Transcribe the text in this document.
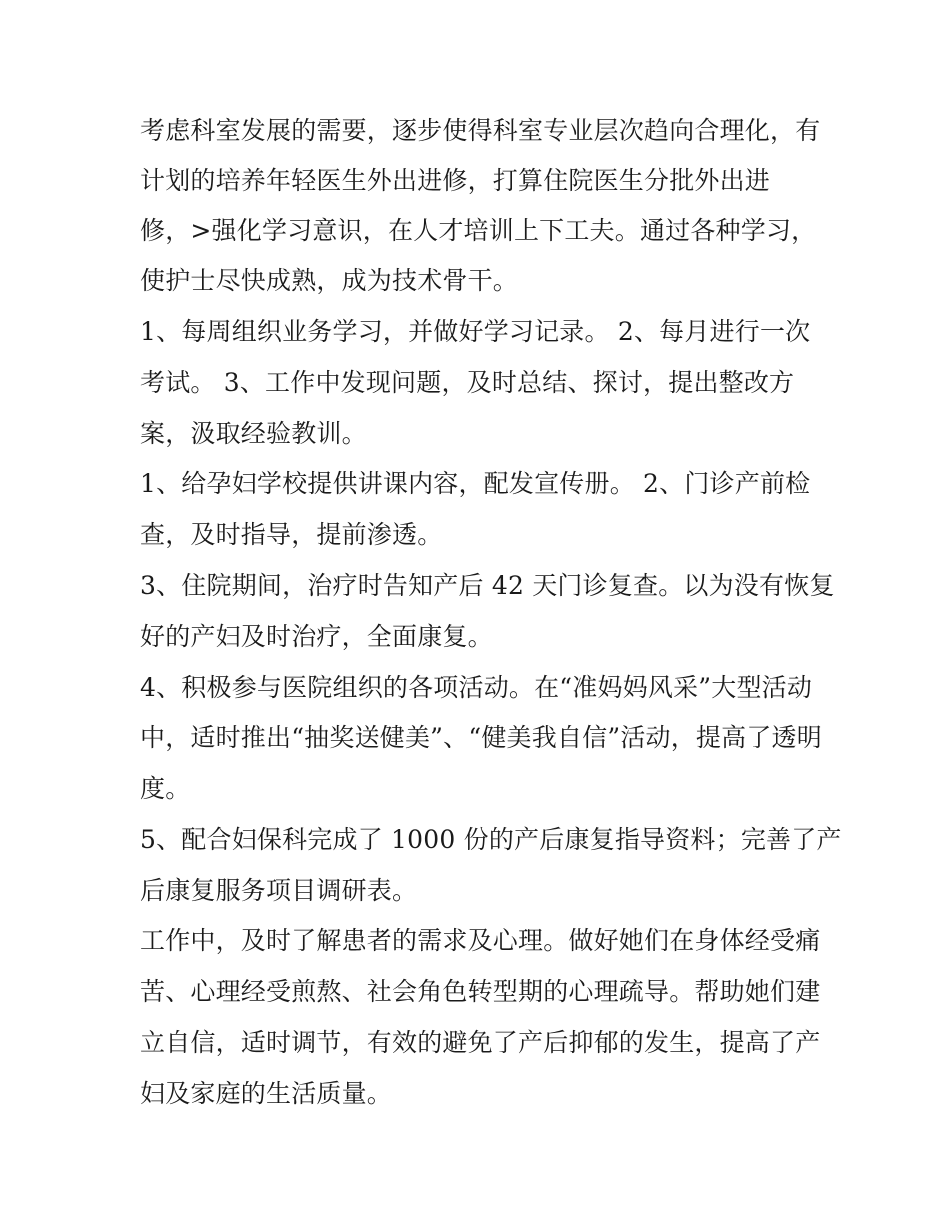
考虑科室发展的需要，逐步使得科室专业层次趋向合理化，有

计划的培养年轻医生外出进修，打算住院医生分批外出进

修，>强化学习意识，在人才培训上下工夫。通过各种学习，

使护士尽快成熟，成为技术骨干。

1、每周组织业务学习，并做好学习记录。 2、每月进行一次

考试。 3、工作中发现问题，及时总结、探讨，提出整改方

案，汲取经验教训。

1、给孕妇学校提供讲课内容，配发宣传册。 2、门诊产前检

查，及时指导，提前渗透。

3、住院期间，治疗时告知产后 42 天门诊复查。以为没有恢复

好的产妇及时治疗，全面康复。

4、积极参与医院组织的各项活动。在“准妈妈风采”大型活动

中，适时推出“抽奖送健美”、“健美我自信”活动，提高了透明

度。

5、配合妇保科完成了 1000 份的产后康复指导资料；完善了产

后康复服务项目调研表。

工作中，及时了解患者的需求及心理。做好她们在身体经受痛

苦、心理经受煎熬、社会角色转型期的心理疏导。帮助她们建

立自信，适时调节，有效的避免了产后抑郁的发生，提高了产

妇及家庭的生活质量。
